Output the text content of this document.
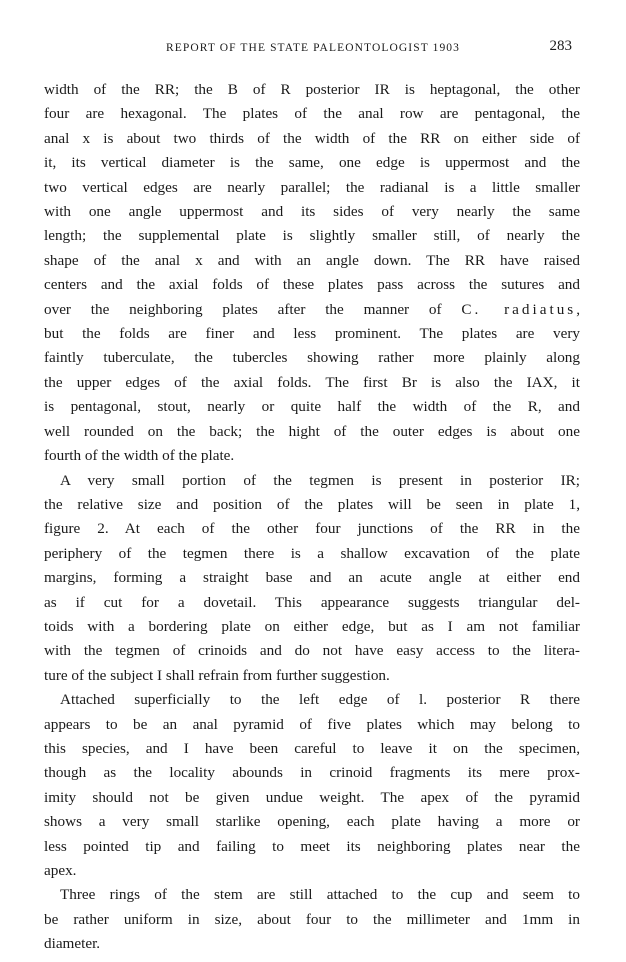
REPORT OF THE STATE PALEONTOLOGIST 1903	283

width of the RR; the B of R posterior IR is heptagonal, the other

four are hexagonal. The plates of the anal row are pentagonal, the

anal x is about two thirds of the width of the RR on either side of

it, its vertical diameter is the same, one edge is uppermost and the

two vertical edges are nearly parallel; the radianal is a little smaller

with one angle uppermost and its sides of very nearly the same

length; the supplemental plate is slightly smaller still, of nearly the

shape of the anal x and with an angle down. The RR have raised

centers and the axial folds of these plates pass across the sutures and

over the neighboring plates after the manner of C. radiatus,

but the folds are finer and less prominent. The plates are very

faintly tuberculate, the tubercles showing rather more plainly along

the upper edges of the axial folds. The first Br is also the IAX, it

is pentagonal, stout, nearly or quite half the width of the R, and

well rounded on the back; the hight of the outer edges is about one

fourth of the width of the plate.

A very small portion of the tegmen is present in posterior IR;

the relative size and position of the plates will be seen in plate 1,

figure 2. At each of the other four junctions of the RR in the

periphery of the tegmen there is a shallow excavation of the plate

margins, forming a straight base and an acute angle at either end

as if cut for a dovetail. This appearance suggests triangular del-

toids with a bordering plate on either edge, but as I am not familiar

with the tegmen of crinoids and do not have easy access to the litera-

ture of the subject I shall refrain from further suggestion.

Attached superficially to the left edge of l. posterior R there

appears to be an anal pyramid of five plates which may belong to

this species, and I have been careful to leave it on the specimen,

though as the locality abounds in crinoid fragments its mere prox-

imity should not be given undue weight. The apex of the pyramid

shows a very small starlike opening, each plate having a more or

less pointed tip and failing to meet its neighboring plates near the

apex.

Three rings of the stem are still attached to the cup and seem to

be rather uniform in size, about four to the millimeter and 1mm in

diameter.
